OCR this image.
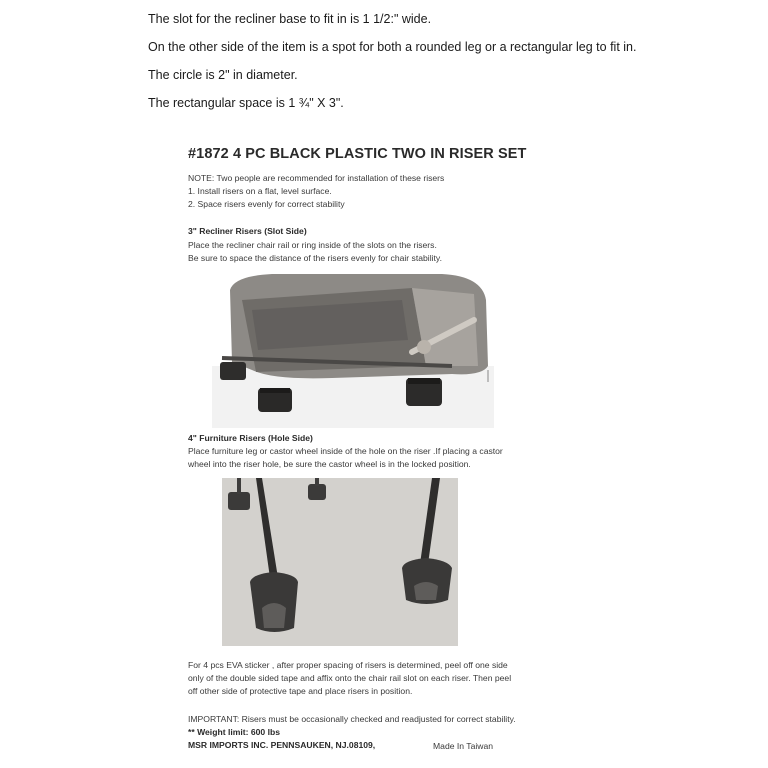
The slot for the recliner base to fit in is 1 1/2:" wide.
On the other side of the item is a spot for both a rounded leg or a rectangular leg to fit in.
The circle is 2" in diameter.
The rectangular space is 1 ¾" X 3".
#1872 4 PC BLACK PLASTIC TWO IN RISER SET
NOTE: Two people are recommended for installation of these risers
1. Install risers on a flat, level surface.
2. Space risers evenly for correct stability
3" Recliner Risers (Slot Side)
Place the recliner chair rail or ring inside of the slots on the risers.
Be sure to space the distance of the risers evenly for chair stability.
4" Furniture Risers (Hole Side)
Place furniture leg or castor wheel inside of the hole on the riser .If placing a castor
wheel into the riser hole, be sure the castor wheel is in the locked position.
For 4 pcs EVA sticker , after proper spacing of risers is determined, peel off one side
only of the double sided tape and affix onto the chair rail slot on each riser. Then peel
off other side of protective tape and place risers in position.
IMPORTANT: Risers must be occasionally checked and readjusted for correct stability.
** Weight limit: 600 lbs
MSR IMPORTS INC. PENNSAUKEN, NJ.08109,	Made In Taiwan
